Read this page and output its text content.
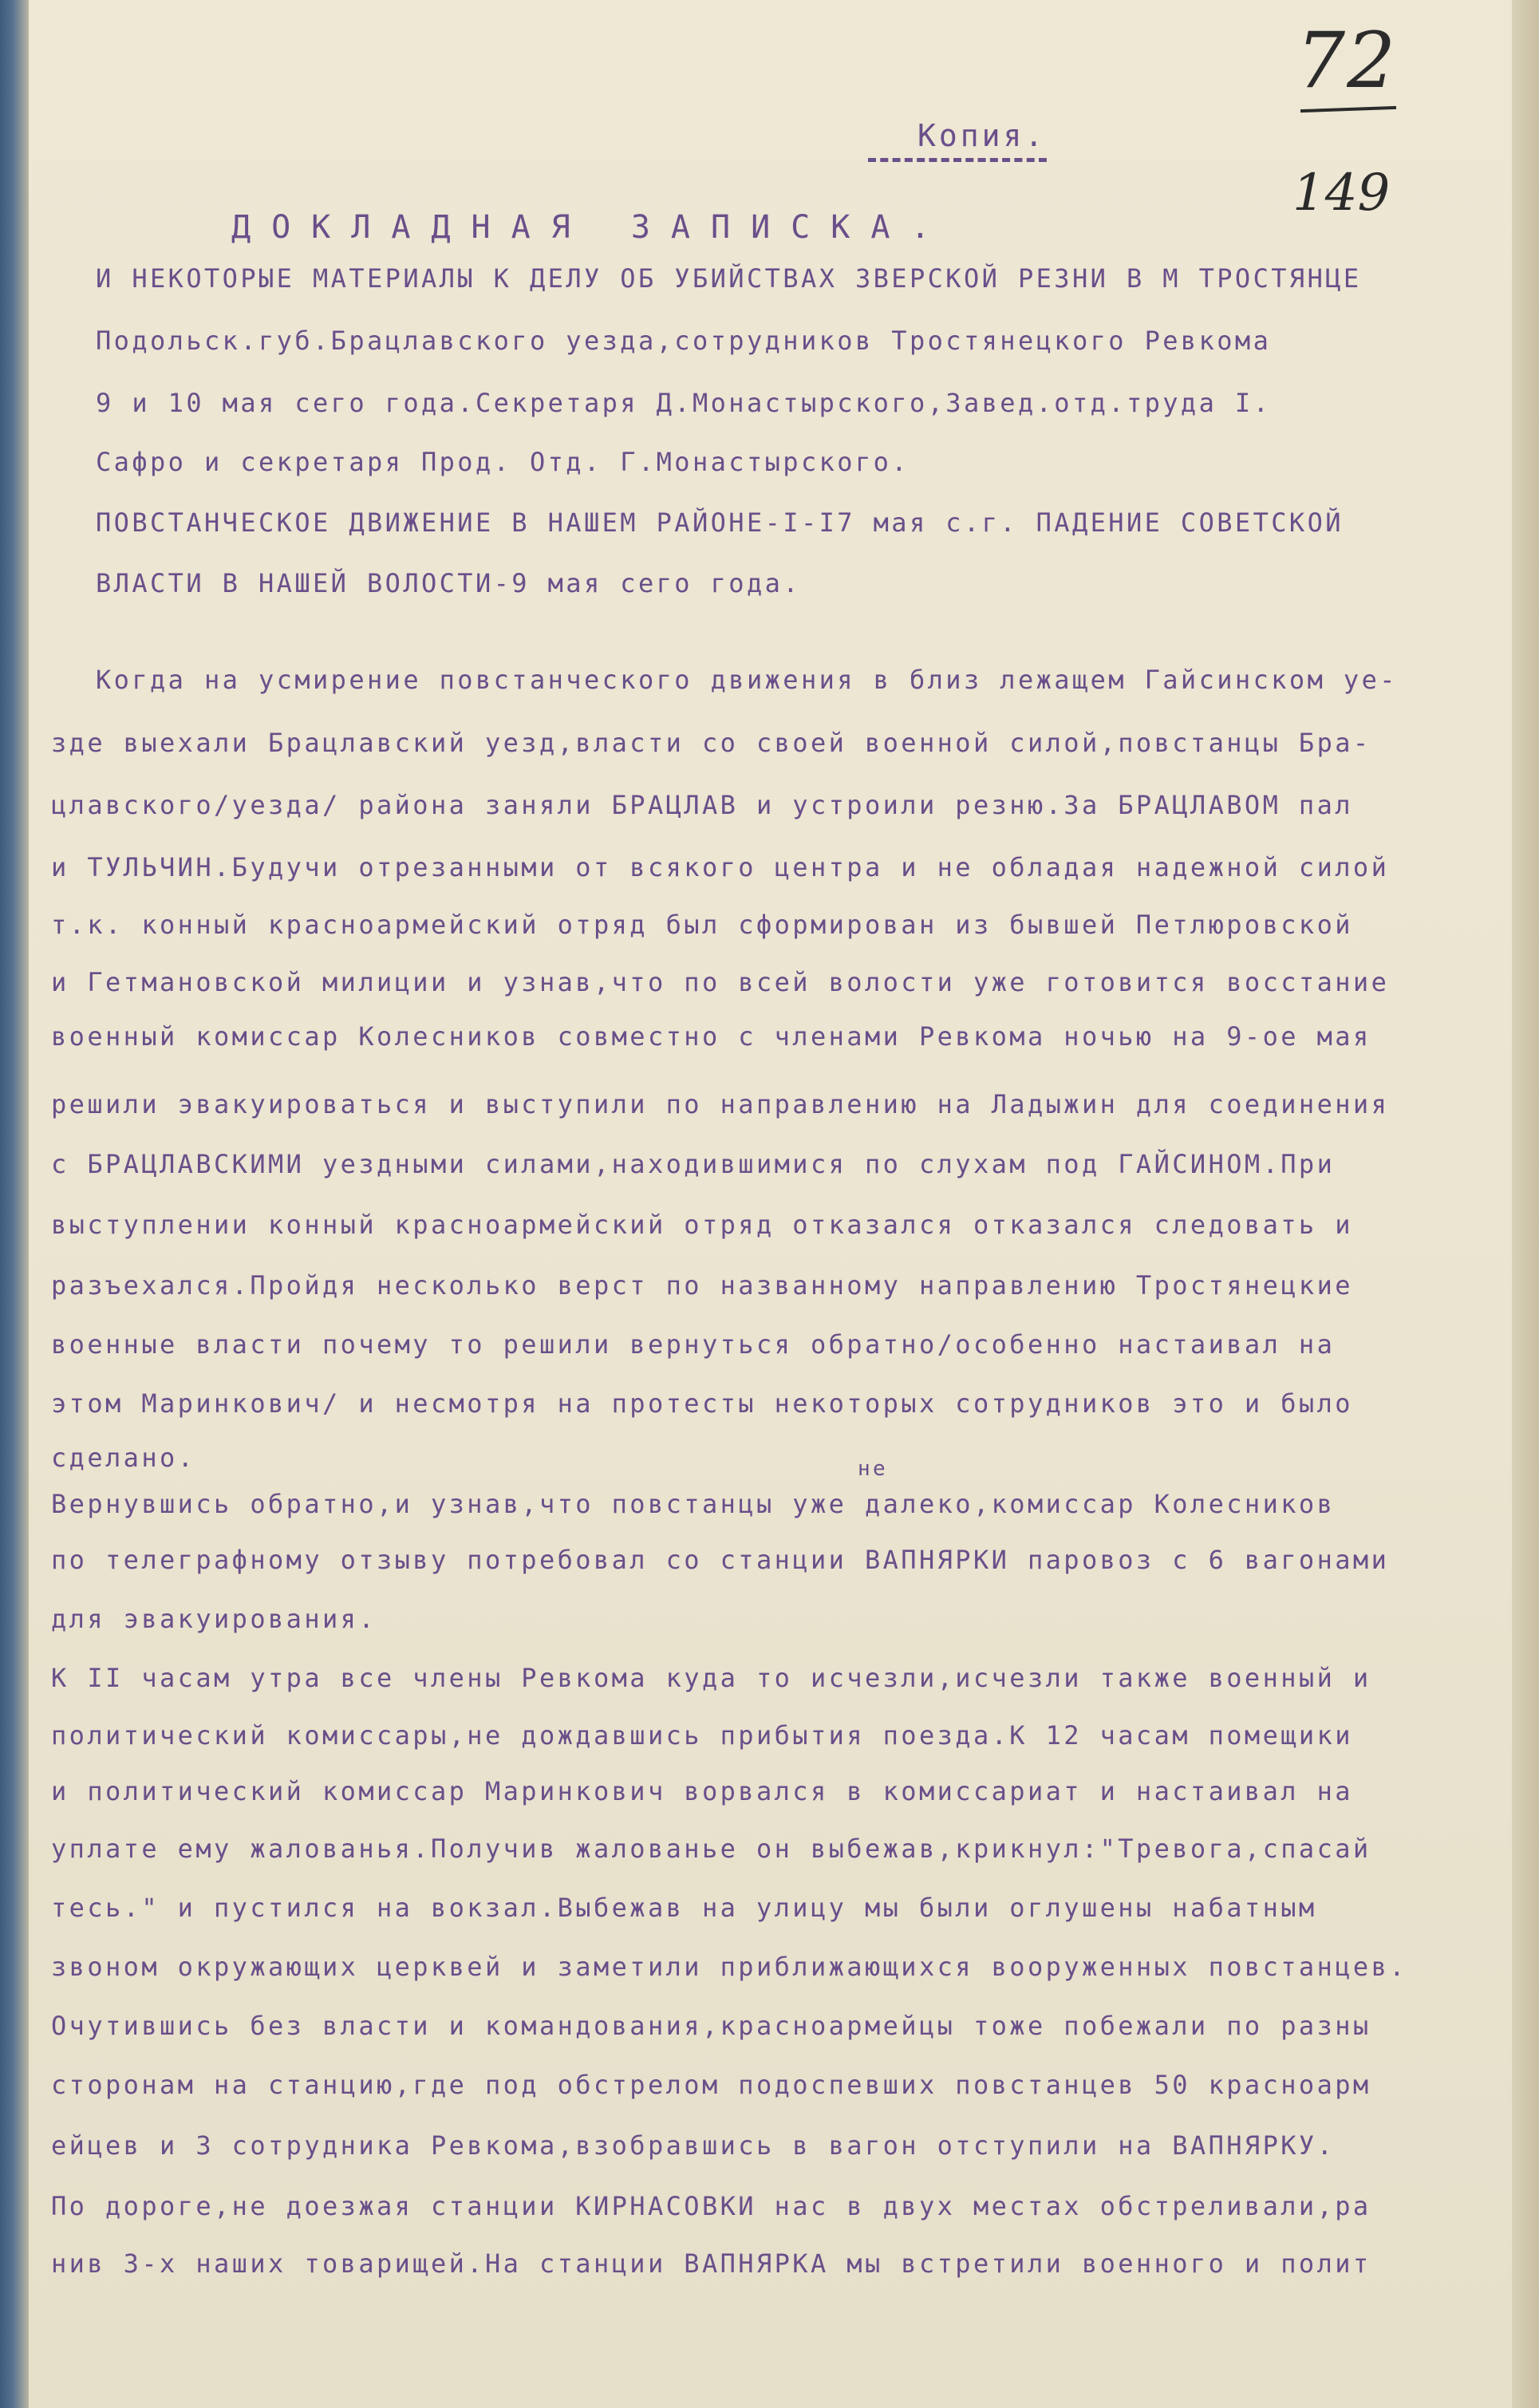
72
149
Копия.
ДОКЛАДНАЯ ЗАПИСКА.
И НЕКОТОРЫЕ МАТЕРИАЛЫ К ДЕЛУ ОБ УБИЙСТВАХ ЗВЕРСКОЙ РЕЗНИ В М ТРОСТЯНЦЕ
Подольск.губ.Брацлавского уезда,сотрудников Тростянецкого Ревкома
9 и 10 мая сего года.Секретаря Д.Монастырского,Завед.отд.труда I.
Сафро и секретаря Прод. Отд. Г.Монастырского.
ПОВСТАНЧЕСКОЕ ДВИЖЕНИЕ В НАШЕМ РАЙОНЕ-I-I7 мая с.г. ПАДЕНИЕ СОВЕТСКОЙ
ВЛАСТИ В НАШЕЙ ВОЛОСТИ-9 мая сего года.
Когда на усмирение повстанческого движения в близ лежащем Гайсинском уе-
зде выехали Брацлавский уезд,власти со своей военной силой,повстанцы Бра-
цлавского/уезда/ района заняли БРАЦЛАВ и устроили резню.За БРАЦЛАВОМ пал
и ТУЛЬЧИН.Будучи отрезанными от всякого центра и не обладая надежной силой
т.к. конный красноармейский отряд был сформирован из бывшей Петлюровской
и Гетмановской милиции и узнав,что по всей волости уже готовится восстание
военный комиссар Колесников совместно с членами Ревкома ночью на 9-ое мая
решили эвакуироваться и выступили по направлению на Ладыжин для соединения
с БРАЦЛАВСКИМИ уездными силами,находившимися по слухам под ГАЙСИНОМ.При
выступлении конный красноармейский отряд отказался отказался следовать и
разъехался.Пройдя несколько верст по названному направлению Тростянецкие
военные власти почему то решили вернуться обратно/особенно настаивал на
этом Маринкович/ и несмотря на протесты некоторых сотрудников это и было
сделано.	не
Вернувшись обратно,и узнав,что повстанцы уже далеко,комиссар Колесников
по телеграфному отзыву потребовал со станции ВАПНЯРКИ паровоз с 6 вагонами
для эвакуирования.
К II часам утра все члены Ревкома куда то исчезли,исчезли также военный и
политический комиссары,не дождавшись прибытия поезда.К 12 часам помещики
и политический комиссар Маринкович ворвался в комиссариат и настаивал на
уплате ему жалованья.Получив жалованье он выбежав,крикнул:"Тревога,спасай
тесь." и пустился на вокзал.Выбежав на улицу мы были оглушены набатным
звоном окружающих церквей и заметили приближающихся вооруженных повстанцев.
Очутившись без власти и командования,красноармейцы тоже побежали по разны
сторонам на станцию,где под обстрелом подоспевших повстанцев 50 красноарм
ейцев и 3 сотрудника Ревкома,взобравшись в вагон отступили на ВАПНЯРКУ.
По дороге,не доезжая станции КИРНАСОВКИ нас в двух местах обстреливали,ра
нив 3-х наших товарищей.На станции ВАПНЯРКА мы встретили военного и полит
